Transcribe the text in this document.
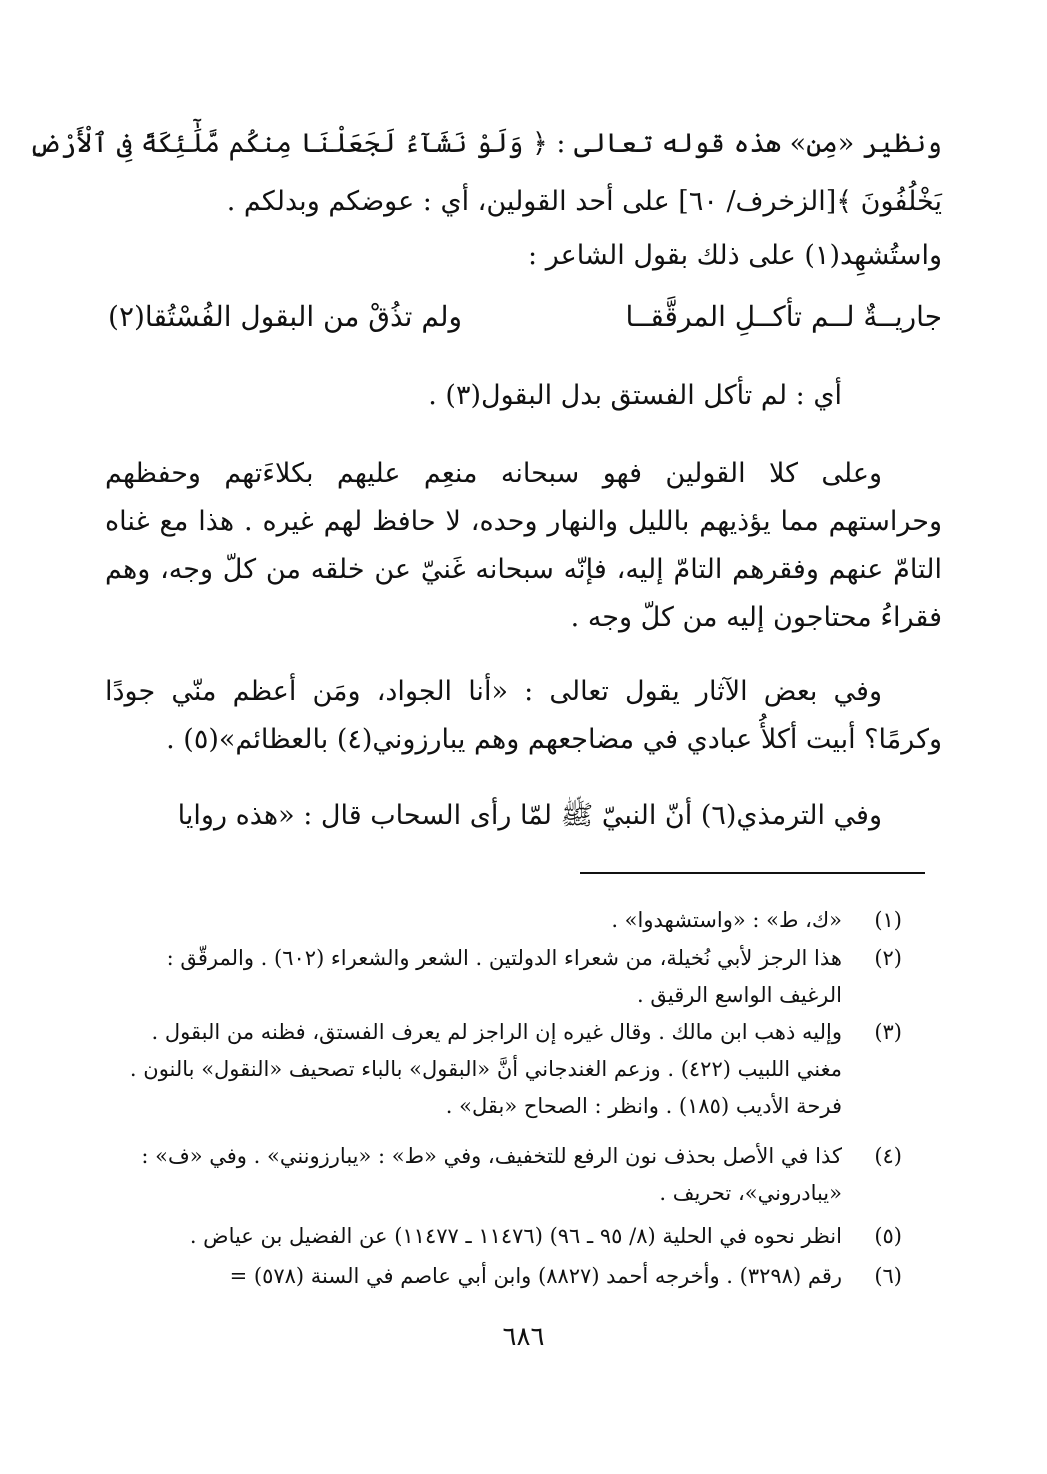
ونظير «مِن» هذه قوله تعالى : ﴿ وَلَوْ نَشَآءُ لَجَعَلْنَا مِنكُم مَّلَٰٓئِكَةً فِى ٱلْأَرْضِ
يَخْلُفُونَ ﴾[الزخرف/ ٦٠] على أحد القولين، أي : عوضكم وبدلكم .
واستُشهِد(١) على ذلك بقول الشاعر :
جاريــةٌ لــم تأكــلِ المرقَّقــا
ولم تذُقْ من البقول الفُسْتُقا(٢)
أي : لم تأكل الفستق بدل البقول(٣) .
وعلى كلا القولين فهو سبحانه منعِم عليهم بكلاءَتهم وحفظهم وحراستهم مما يؤذيهم بالليل والنهار وحده، لا حافظ لهم غيره . هذا مع غناه التامّ عنهم وفقرهم التامّ إليه، فإنّه سبحانه غَنيّ عن خلقه من كلّ وجه، وهم فقراءُ محتاجون إليه من كلّ وجه .
وفي بعض الآثار يقول تعالى : «أنا الجواد، ومَن أعظم منّي جودًا وكرمًا؟ أبيت أكلأُ عبادي في مضاجعهم وهم يبارزوني(٤) بالعظائم»(٥) .
وفي الترمذي(٦) أنّ النبيّ ﷺ لمّا رأى السحاب قال : «هذه روايا
(١)
«ك، ط» : «واستشهدوا» .
(٢)
هذا الرجز لأبي نُخيلة، من شعراء الدولتين . الشعر والشعراء (٦٠٢) . والمرقّق : الرغيف الواسع الرقيق .
(٣)
وإليه ذهب ابن مالك . وقال غيره إن الراجز لم يعرف الفستق، فظنه من البقول . مغني اللبيب (٤٢٢) . وزعم الغندجاني أنَّ «البقول» بالباء تصحيف «النقول» بالنون . فرحة الأديب (١٨٥) . وانظر : الصحاح «بقل» .
(٤)
كذا في الأصل بحذف نون الرفع للتخفيف، وفي «ط» : «يبارزونني» . وفي «ف» : «يبادروني»، تحريف .
(٥)
انظر نحوه في الحلية (٨/ ٩٥ ـ ٩٦) (١١٤٧٦ ـ ١١٤٧٧) عن الفضيل بن عياض .
(٦)
رقم (٣٢٩٨) . وأخرجه أحمد (٨٨٢٧) وابن أبي عاصم في السنة (٥٧٨) =
٦٨٦
